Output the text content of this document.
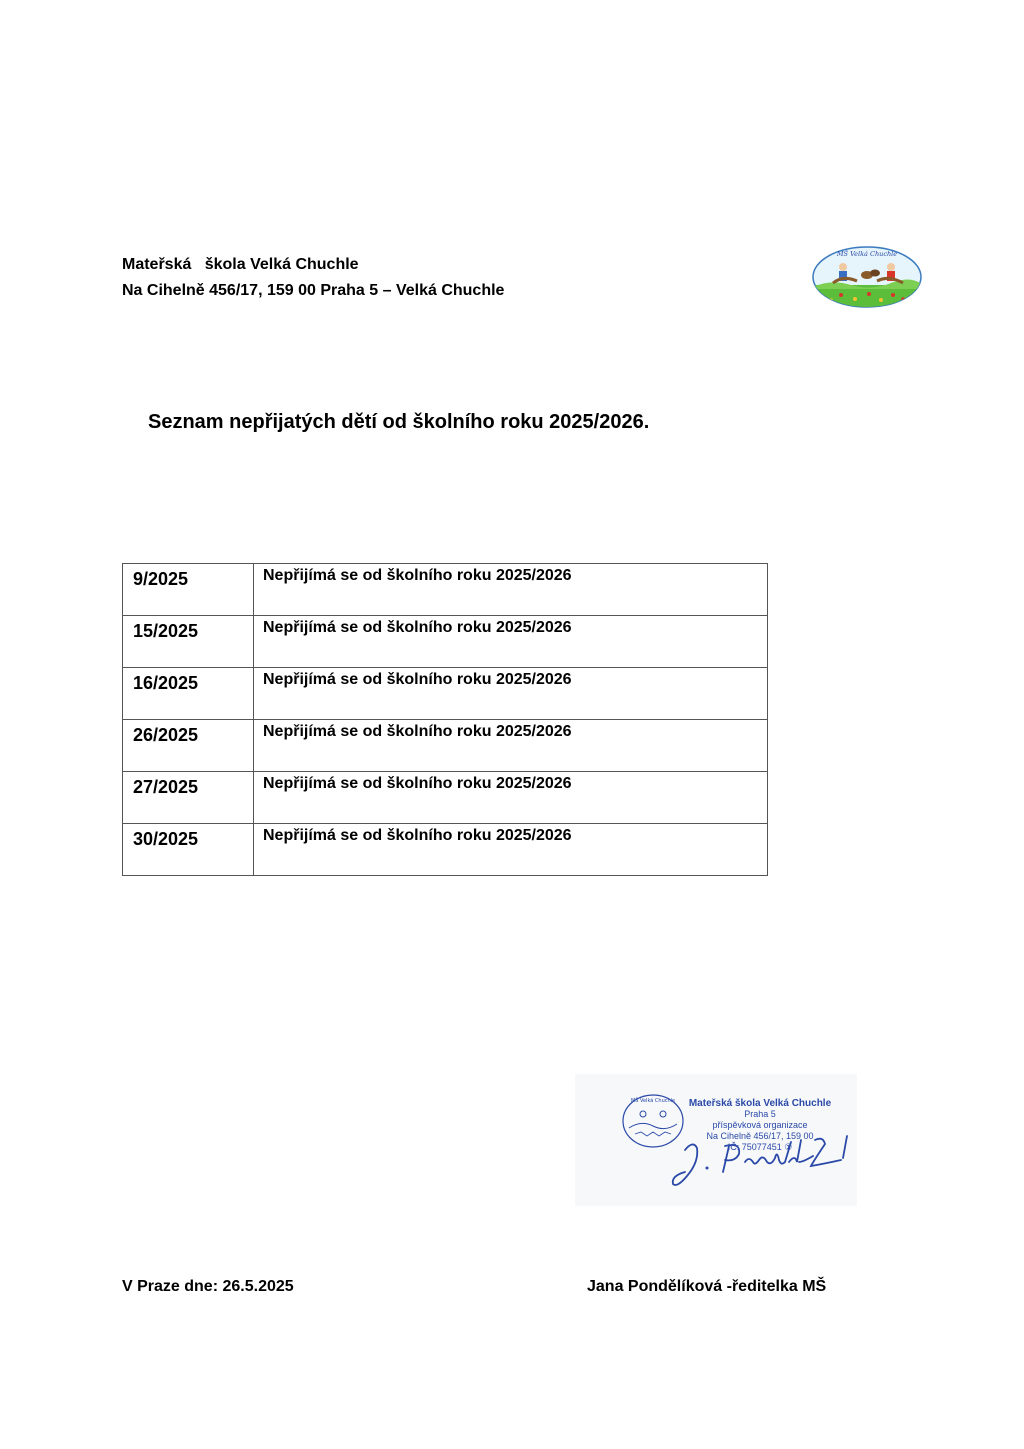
Mateřská   škola Velká Chuchle
Na Cihelně 456/17, 159 00 Praha 5 – Velká Chuchle
MŠ Velká Chuchle
Seznam nepřijatých dětí od školního roku 2025/2026.
9/2025	Nepřijímá se od školního roku 2025/2026
15/2025	Nepřijímá se od školního roku 2025/2026
16/2025	Nepřijímá se od školního roku 2025/2026
26/2025	Nepřijímá se od školního roku 2025/2026
27/2025	Nepřijímá se od školního roku 2025/2026
30/2025	Nepřijímá se od školního roku 2025/2026
MŠ Velká Chuchle	Mateřská škola Velká Chuchle
Praha 5
příspěvková organizace
Na Cihelně 456/17, 159 00
IČ: 75077451 ①
V Praze dne: 26.5.2025	Jana Pondělíková -ředitelka MŠ
